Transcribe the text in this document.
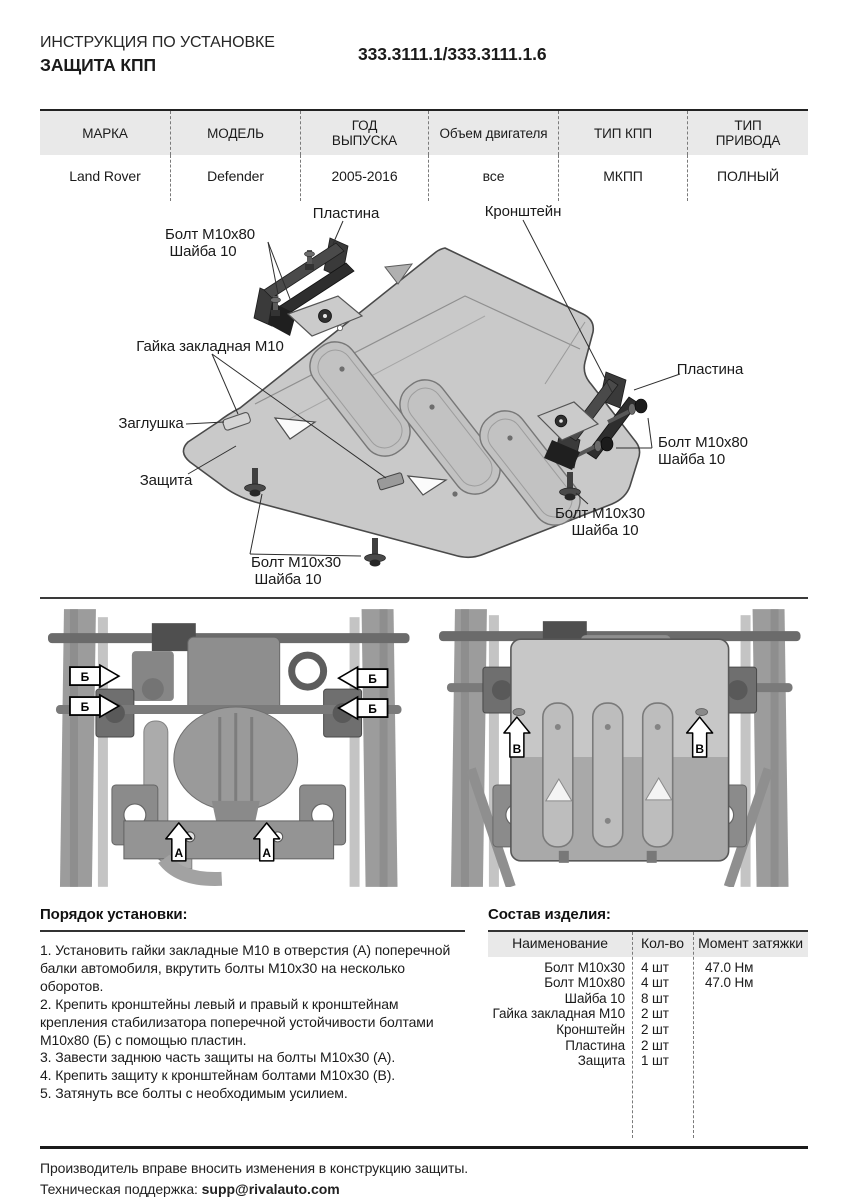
ИНСТРУКЦИЯ ПО УСТАНОВКЕ
ЗАЩИТА КПП
333.3111.1/333.3111.1.6
МАРКА	МОДЕЛЬ	ГОД ВЫПУСКА	Объем двигателя	ТИП КПП	ТИП ПРИВОДА
Land Rover	Defender	2005-2016	все	МКПП	ПОЛНЫЙ
Болт М10х80
Шайба 10
Пластина	Кронштейн
Гайка закладная М10
Заглушка
Защита
Пластина
Болт М10х80
Шайба 10
Болт М10х30
Шайба 10
Болт М10х30
Шайба 10
Б
Б
Б
Б
А	А
В	В

Порядок установки:

1. Установить гайки закладные М10 в отверстия (А) поперечной балки автомобиля, вкрутить болты М10х30 на несколько оборотов.
2. Крепить кронштейны левый и правый к кронштейнам крепления стабилизатора поперечной устойчивости болтами М10х80 (Б) с помощью пластин.
3. Завести заднюю часть защиты на болты М10х30 (А).
4. Крепить защиту к кронштейнам болтами М10х30 (В).
5. Затянуть все болты с необходимым усилием.

Состав изделия:

Наименование	Кол-во	Момент затяжки
Болт М10х30	4 шт	47.0 Нм
Болт М10х80	4 шт	47.0 Нм
Шайба 10	8 шт
Гайка закладная М10	2 шт
Кронштейн	2 шт
Пластина	2 шт
Защита	1 шт
Производитель вправе вносить изменения в конструкцию защиты.
Техническая поддержка: supp@rivalauto.com
